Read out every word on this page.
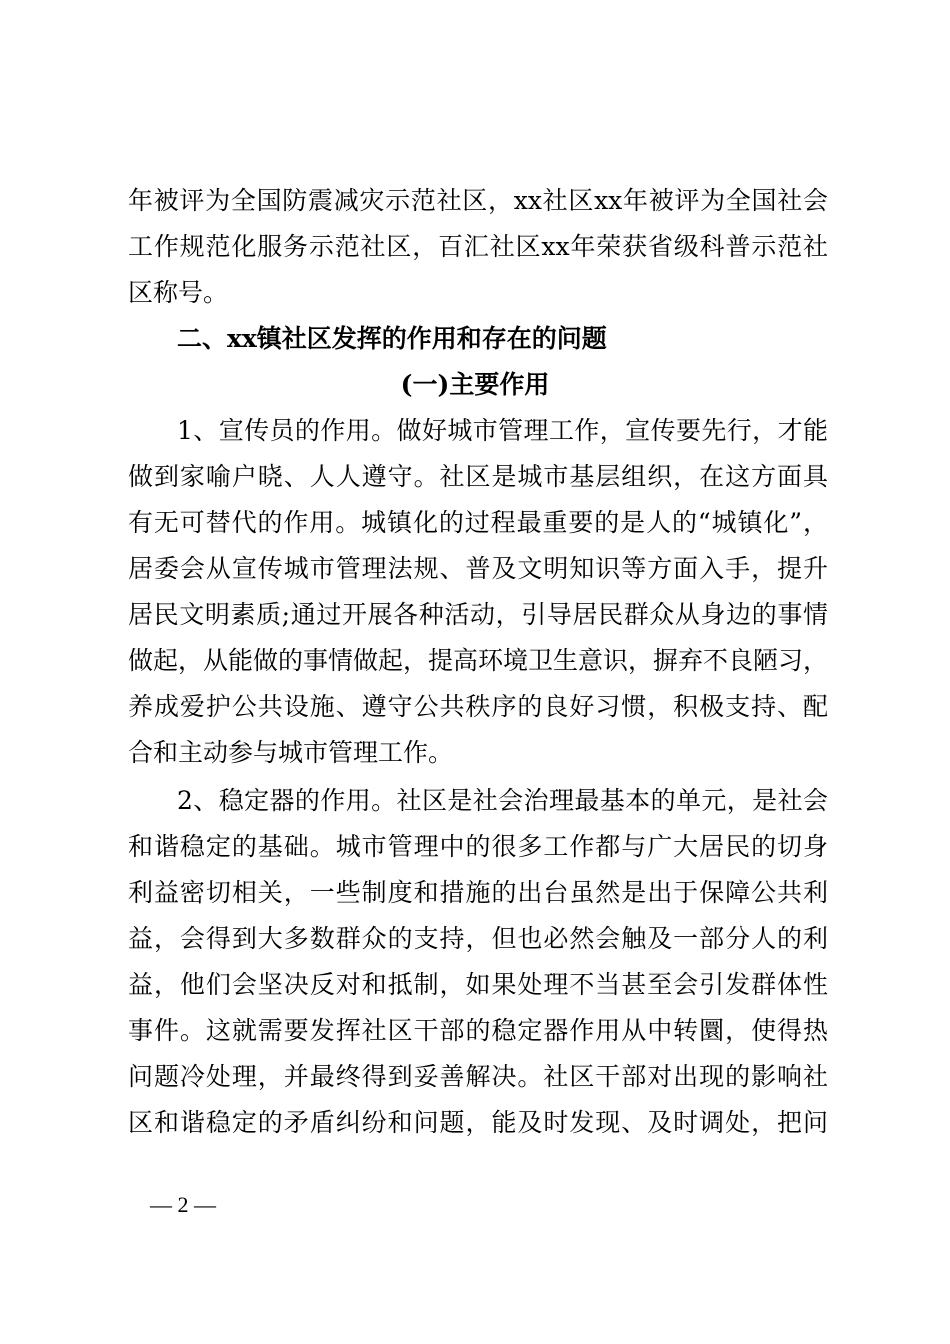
年被评为全国防震减灾示范社区，xx社区xx年被评为全国社会
工作规范化服务示范社区，百汇社区xx年荣获省级科普示范社
区称号。
二、xx镇社区发挥的作用和存在的问题
(一)主要作用
1、宣传员的作用。做好城市管理工作，宣传要先行，才能
做到家喻户晓、人人遵守。社区是城市基层组织，在这方面具
有无可替代的作用。城镇化的过程最重要的是人的“城镇化”，
居委会从宣传城市管理法规、普及文明知识等方面入手，提升
居民文明素质;通过开展各种活动，引导居民群众从身边的事情
做起，从能做的事情做起，提高环境卫生意识，摒弃不良陋习，
养成爱护公共设施、遵守公共秩序的良好习惯，积极支持、配
合和主动参与城市管理工作。
2、稳定器的作用。社区是社会治理最基本的单元，是社会
和谐稳定的基础。城市管理中的很多工作都与广大居民的切身
利益密切相关，一些制度和措施的出台虽然是出于保障公共利
益，会得到大多数群众的支持，但也必然会触及一部分人的利
益，他们会坚决反对和抵制，如果处理不当甚至会引发群体性
事件。这就需要发挥社区干部的稳定器作用从中转圜，使得热
问题冷处理，并最终得到妥善解决。社区干部对出现的影响社
区和谐稳定的矛盾纠纷和问题，能及时发现、及时调处，把问
— 2 —
